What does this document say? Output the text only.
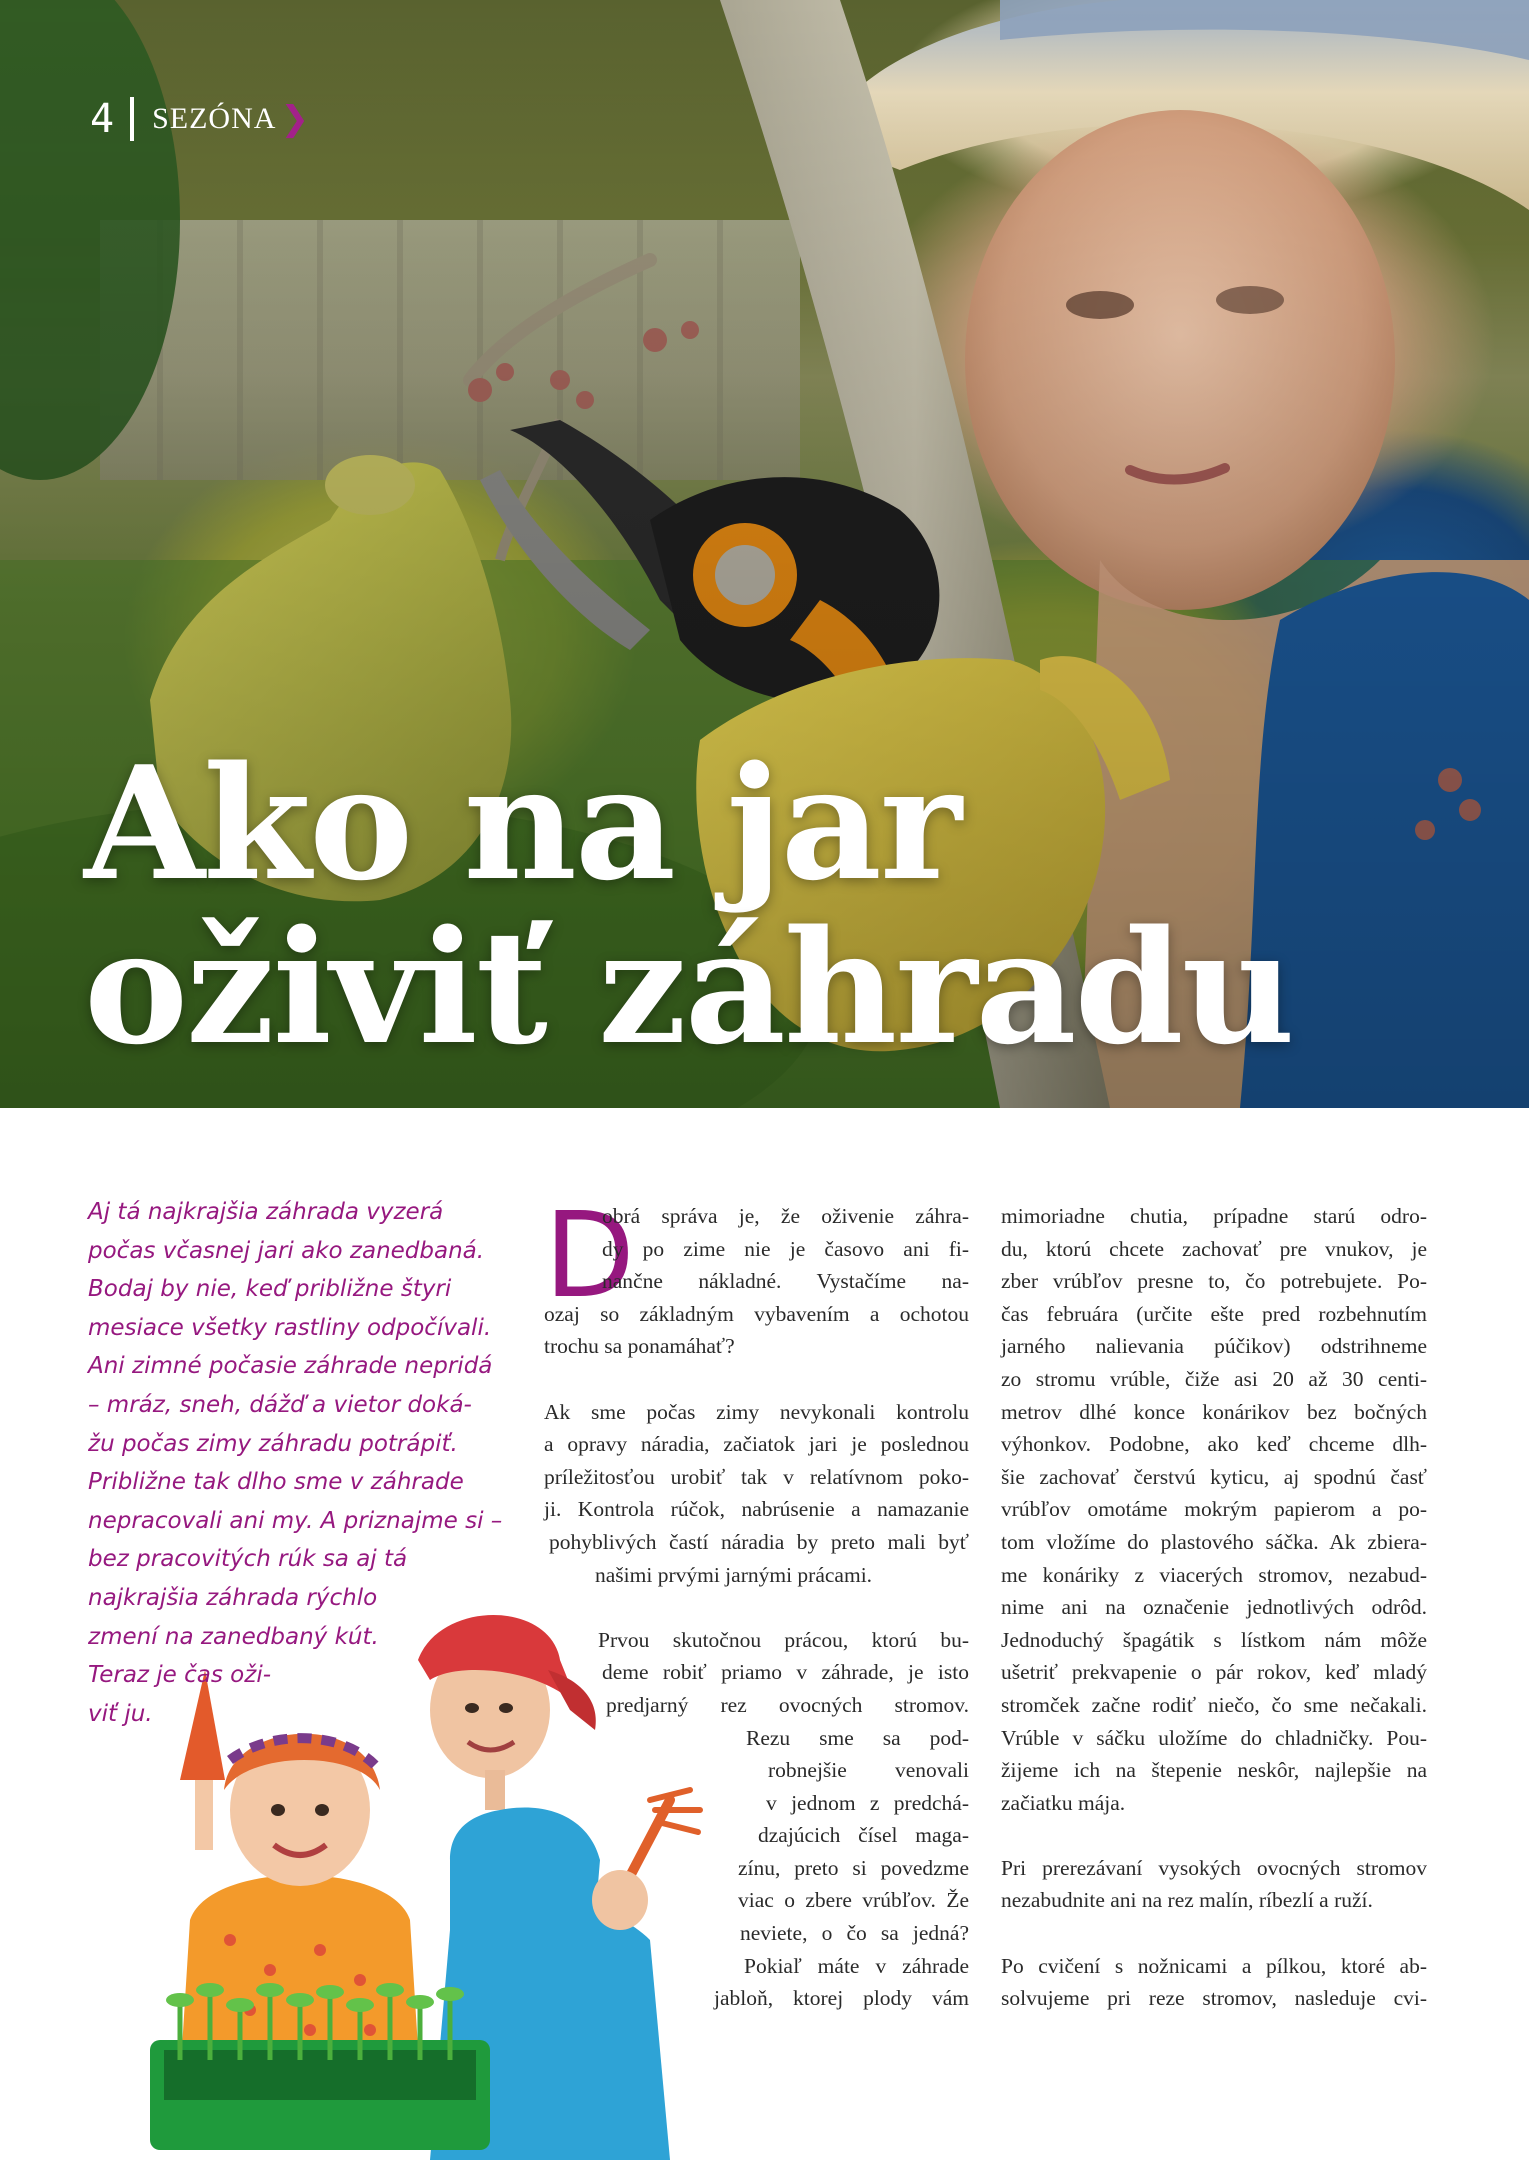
4 SEZÓNA ❯
Ako na jar
oživiť záhradu

Aj tá najkrajšia záhrada vyzerá
počas včasnej jari ako zanedbaná.
Bodaj by nie, keď približne štyri
mesiace všetky rastliny odpočívali.
Ani zimné počasie záhrade nepridá
– mráz, sneh, dážď a vietor doká-
žu počas zimy záhradu potrápiť.
Približne tak dlho sme v záhrade
nepracovali ani my. A priznajme si –
bez pracovitých rúk sa aj tá
najkrajšia záhrada rýchlo
zmení na zanedbaný kút.
Teraz je čas oži-
viť ju.

D
obrá správa je, že oživenie záhra-
dy po zime nie je časovo ani fi-
nančne nákladné. Vystačíme na-
ozaj so základným vybavením a ochotou
trochu sa ponamáhať?
Ak sme počas zimy nevykonali kontrolu
a opravy náradia, začiatok jari je poslednou
príležitosťou urobiť tak v relatívnom poko-
ji. Kontrola rúčok, nabrúsenie a namazanie
pohyblivých častí náradia by preto mali byť
našimi prvými jarnými prácami.
Prvou skutočnou prácou, ktorú bu-
deme robiť priamo v záhrade, je isto
predjarný rez ovocných stromov.
Rezu sme sa pod-
robnejšie venovali
v jednom z predchá-
dzajúcich čísel maga-
zínu, preto si povedzme
viac o zbere vrúbľov. Že
neviete, o čo sa jedná?
Pokiaľ máte v záhrade
jabloň, ktorej plody vám
mimoriadne chutia, prípadne starú odro-
du, ktorú chcete zachovať pre vnukov, je
zber vrúbľov presne to, čo potrebujete. Po-
čas februára (určite ešte pred rozbehnutím
jarného nalievania púčikov) odstrihneme
zo stromu vrúble, čiže asi 20 až 30 centi-
metrov dlhé konce konárikov bez bočných
výhonkov. Podobne, ako keď chceme dlh-
šie zachovať čerstvú kyticu, aj spodnú časť
vrúbľov omotáme mokrým papierom a po-
tom vložíme do plastového sáčka. Ak zbiera-
me konáriky z viacerých stromov, nezabud-
nime ani na označenie jednotlivých odrôd.
Jednoduchý špagátik s lístkom nám môže
ušetriť prekvapenie o pár rokov, keď mladý
stromček začne rodiť niečo, čo sme nečakali.
Vrúble v sáčku uložíme do chladničky. Pou-
žijeme ich na štepenie neskôr, najlepšie na
začiatku mája.
Pri prerezávaní vysokých ovocných stromov
nezabudnite ani na rez malín, ríbezlí a ruží.
Po cvičení s nožnicami a pílkou, ktoré ab-
solvujeme pri reze stromov, nasleduje cvi-
